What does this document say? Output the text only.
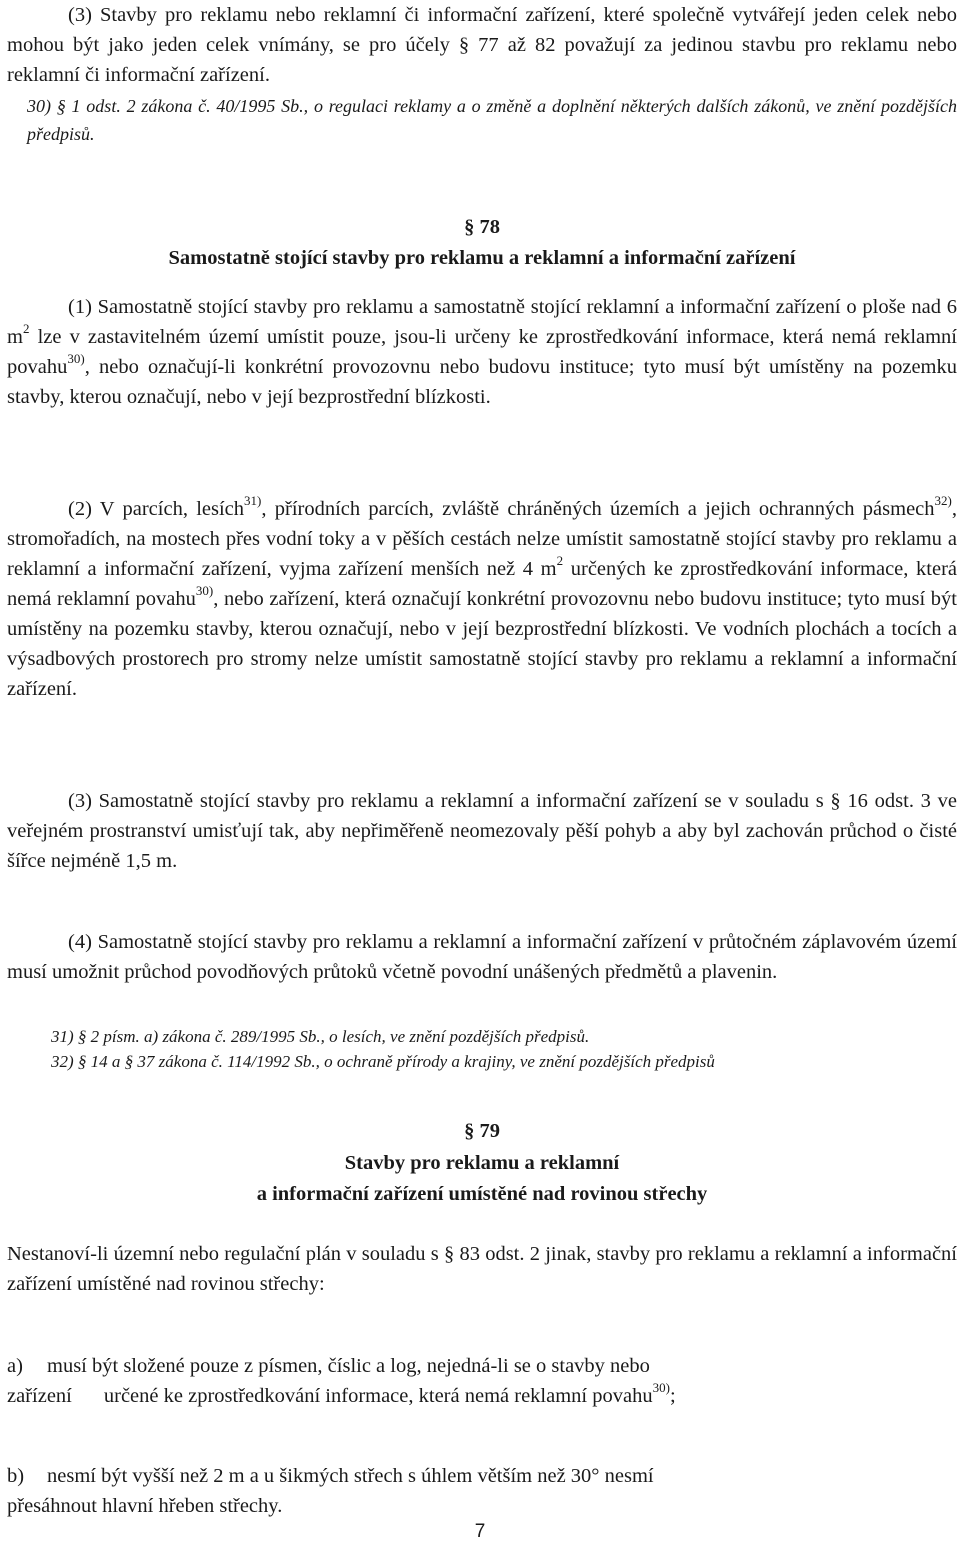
(3) Stavby pro reklamu nebo reklamní či informační zařízení, které společně vytvářejí jeden celek nebo mohou být jako jeden celek vnímány, se pro účely § 77 až 82 považují za jedinou stavbu pro reklamu nebo reklamní či informační zařízení.
30) § 1 odst. 2 zákona č. 40/1995 Sb., o regulaci reklamy a o změně a doplnění některých dalších zákonů, ve znění pozdějších předpisů.
§ 78
Samostatně stojící stavby pro reklamu a reklamní a informační zařízení
(1) Samostatně stojící stavby pro reklamu a samostatně stojící reklamní a informační zařízení o ploše nad 6 $m^2$ lze v zastavitelném území umístit pouze, jsou-li určeny ke zprostředkování informace, která nemá reklamní povahu$^{30)}$, nebo označují-li konkrétní provozovnu nebo budovu instituce; tyto musí být umístěny na pozemku stavby, kterou označují, nebo v její bezprostřední blízkosti.
(2) V parcích, lesích$^{31)}$, přírodních parcích, zvláště chráněných územích a jejich ochranných pásmech$^{32)}$, stromořadích, na mostech přes vodní toky a v pěších cestách nelze umístit samostatně stojící stavby pro reklamu a reklamní a informační zařízení, vyjma zařízení menších než 4 $m^2$ určených ke zprostředkování informace, která nemá reklamní povahu$^{30)}$, nebo zařízení, která označují konkrétní provozovnu nebo budovu instituce; tyto musí být umístěny na pozemku stavby, kterou označují, nebo v její bezprostřední blízkosti. Ve vodních plochách a tocích a výsadbových prostorech pro stromy nelze umístit samostatně stojící stavby pro reklamu a reklamní a informační zařízení.
(3) Samostatně stojící stavby pro reklamu a reklamní a informační zařízení se v souladu s § 16 odst. 3 ve veřejném prostranství umisťují tak, aby nepřiměřeně neomezovaly pěší pohyb a aby byl zachován průchod o čisté šířce nejméně 1,5 m.
(4) Samostatně stojící stavby pro reklamu a reklamní a informační zařízení v průtočném záplavovém území musí umožnit průchod povodňových průtoků včetně povodní unášených předmětů a plavenin.
31) § 2 písm. a) zákona č. 289/1995 Sb., o lesích, ve znění pozdějších předpisů.
32) § 14 a § 37 zákona č. 114/1992 Sb., o ochraně přírody a krajiny, ve znění pozdějších předpisů
§ 79
Stavby pro reklamu a reklamní
a informační zařízení umístěné nad rovinou střechy
Nestanoví-li územní nebo regulační plán v souladu s § 83 odst. 2 jinak, stavby pro reklamu a reklamní a informační zařízení umístěné nad rovinou střechy:
a) musí být složené pouze z písmen, číslic a log, nejedná-li se o stavby nebo
zařízení určené ke zprostředkování informace, která nemá reklamní povahu$^{30)}$;
b) nesmí být vyšší než 2 m a u šikmých střech s úhlem větším než 30° nesmí
přesáhnout hlavní hřeben střechy.
7
